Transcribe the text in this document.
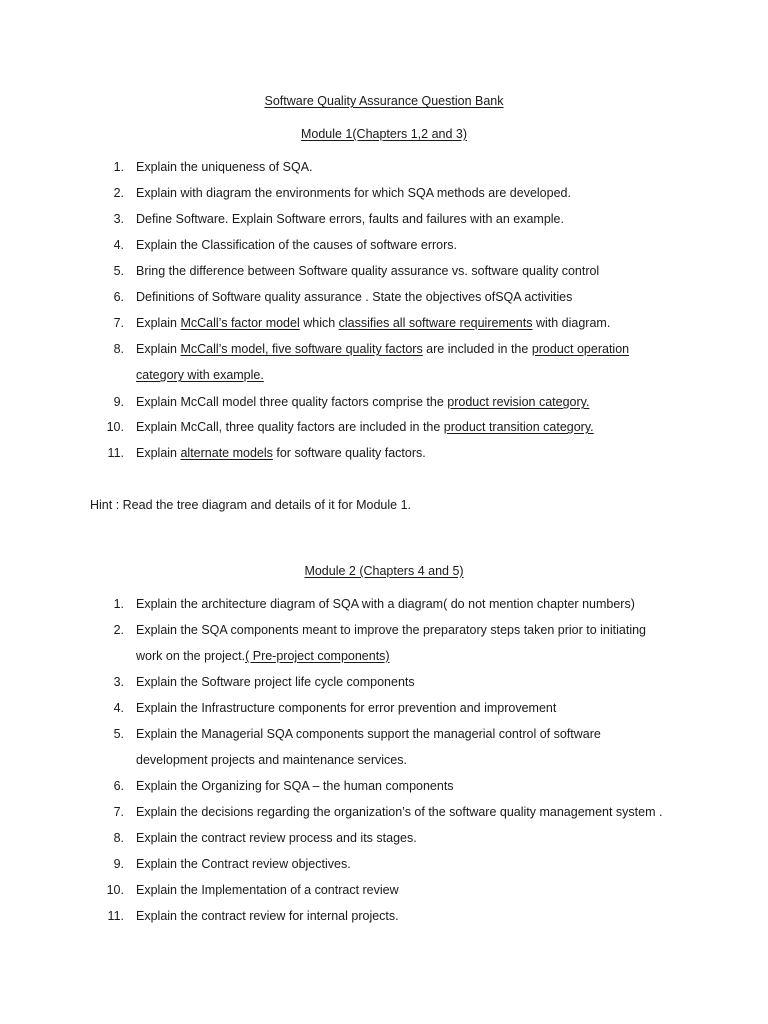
Software Quality Assurance Question Bank
Module 1(Chapters 1,2 and 3)
1. Explain the uniqueness of SQA.
2. Explain with diagram the environments for which SQA methods are developed.
3. Define Software. Explain Software errors, faults and failures with an example.
4. Explain the Classification of the causes of software errors.
5. Bring the difference between Software quality assurance vs. software quality control
6. Definitions of Software quality assurance . State the objectives ofSQA activities
7. Explain McCall’s factor model which classifies all software requirements with diagram.
8. Explain McCall’s model, five software quality factors are included in the product operation
category with example.
9. Explain McCall model three quality factors comprise the product revision category.
10. Explain McCall, three quality factors are included in the product transition category.
11. Explain alternate models for software quality factors.
Hint : Read the tree diagram and details of it for Module 1.
Module 2 (Chapters 4 and 5)
1. Explain the architecture diagram of SQA with a diagram( do not mention chapter numbers)
2. Explain the SQA components meant to improve the preparatory steps taken prior to initiating
work on the project.( Pre-project components)
3. Explain the Software project life cycle components
4. Explain the Infrastructure components for error prevention and improvement
5. Explain the Managerial SQA components support the managerial control of software
development projects and maintenance services.
6. Explain the Organizing for SQA – the human components
7. Explain the decisions regarding the organization’s of the software quality management system .
8. Explain the contract review process and its stages.
9. Explain the Contract review objectives.
10. Explain the Implementation of a contract review
11. Explain the contract review for internal projects.
